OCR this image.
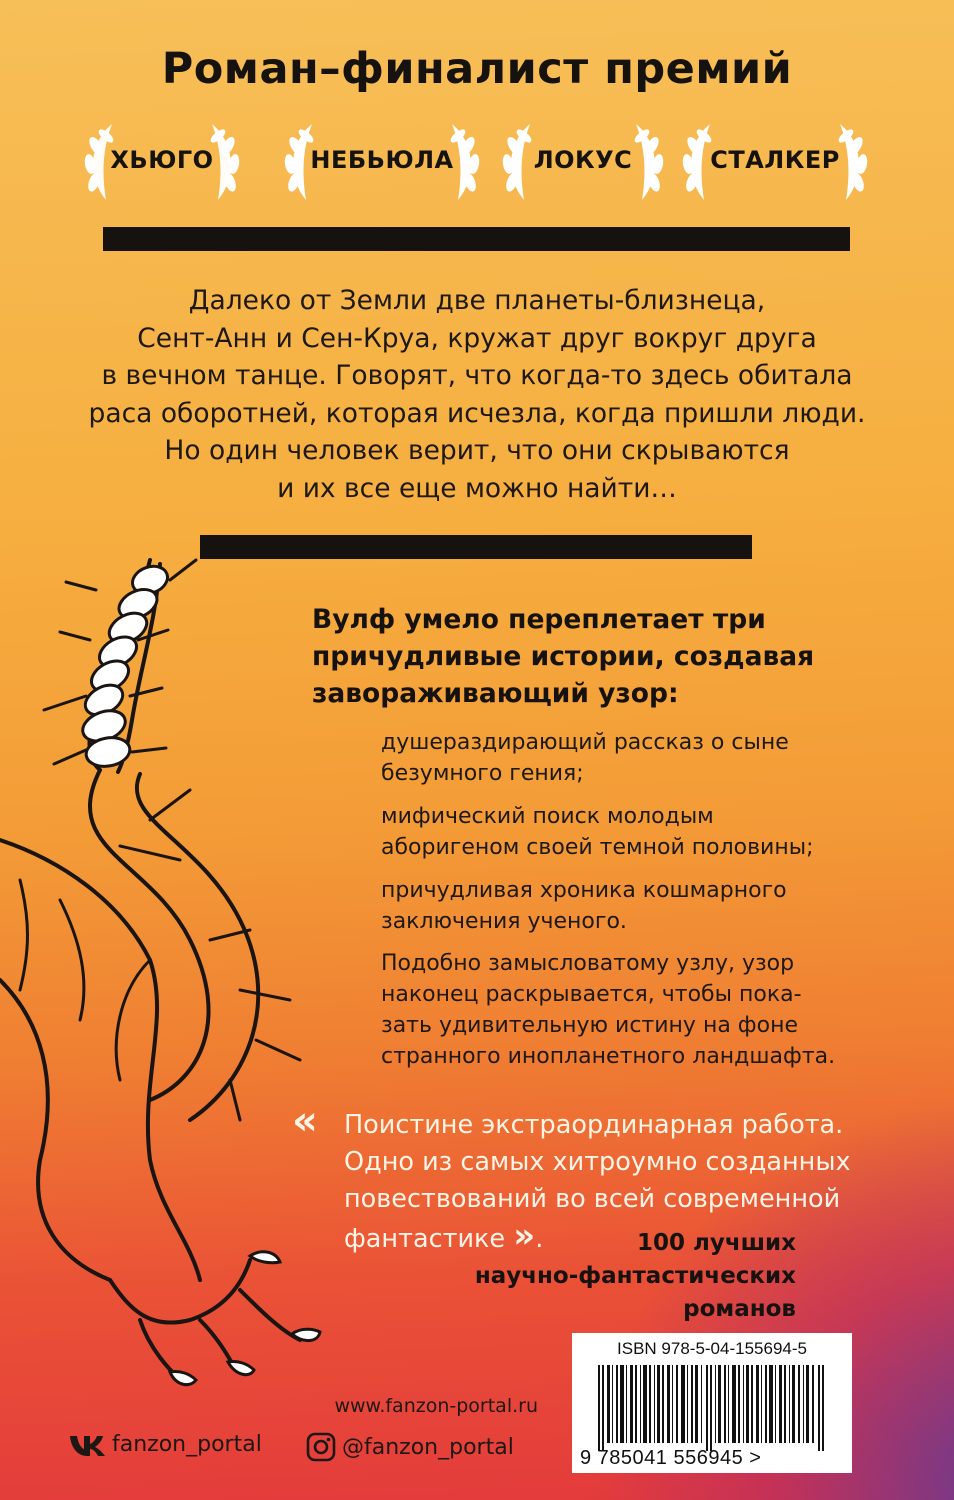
Роман–финалист премий
ХЬЮГО	НЕБЬЮЛА	ЛОКУС	СТАЛКЕР
Далеко от Земли две планеты-близнеца,
Сент-Анн и Сен-Круа, кружат друг вокруг друга
в вечном танце. Говорят, что когда-то здесь обитала
раса оборотней, которая исчезла, когда пришли люди.
Но один человек верит, что они скрываются
и их все еще можно найти…
Вулф умело переплетает три
причудливые истории, создавая
завораживающий узор:
душераздирающий рассказ о сыне
безумного гения;
мифический поиск молодым
аборигеном своей темной половины;
причудливая хроника кошмарного
заключения ученого.
Подобно замысловатому узлу, узор
наконец раскрывается, чтобы пока-
зать удивительную истину на фоне
странного инопланетного ландшафта.
« Поистине экстраординарная работа.
Одно из самых хитроумно созданных
повествований во всей современной
фантастике ».	100 лучших
научно-фантастических
романов
ISBN 978-5-04-155694-5
9 785041 556945 >
www.fanzon-portal.ru
fanzon_portal	@fanzon_portal
